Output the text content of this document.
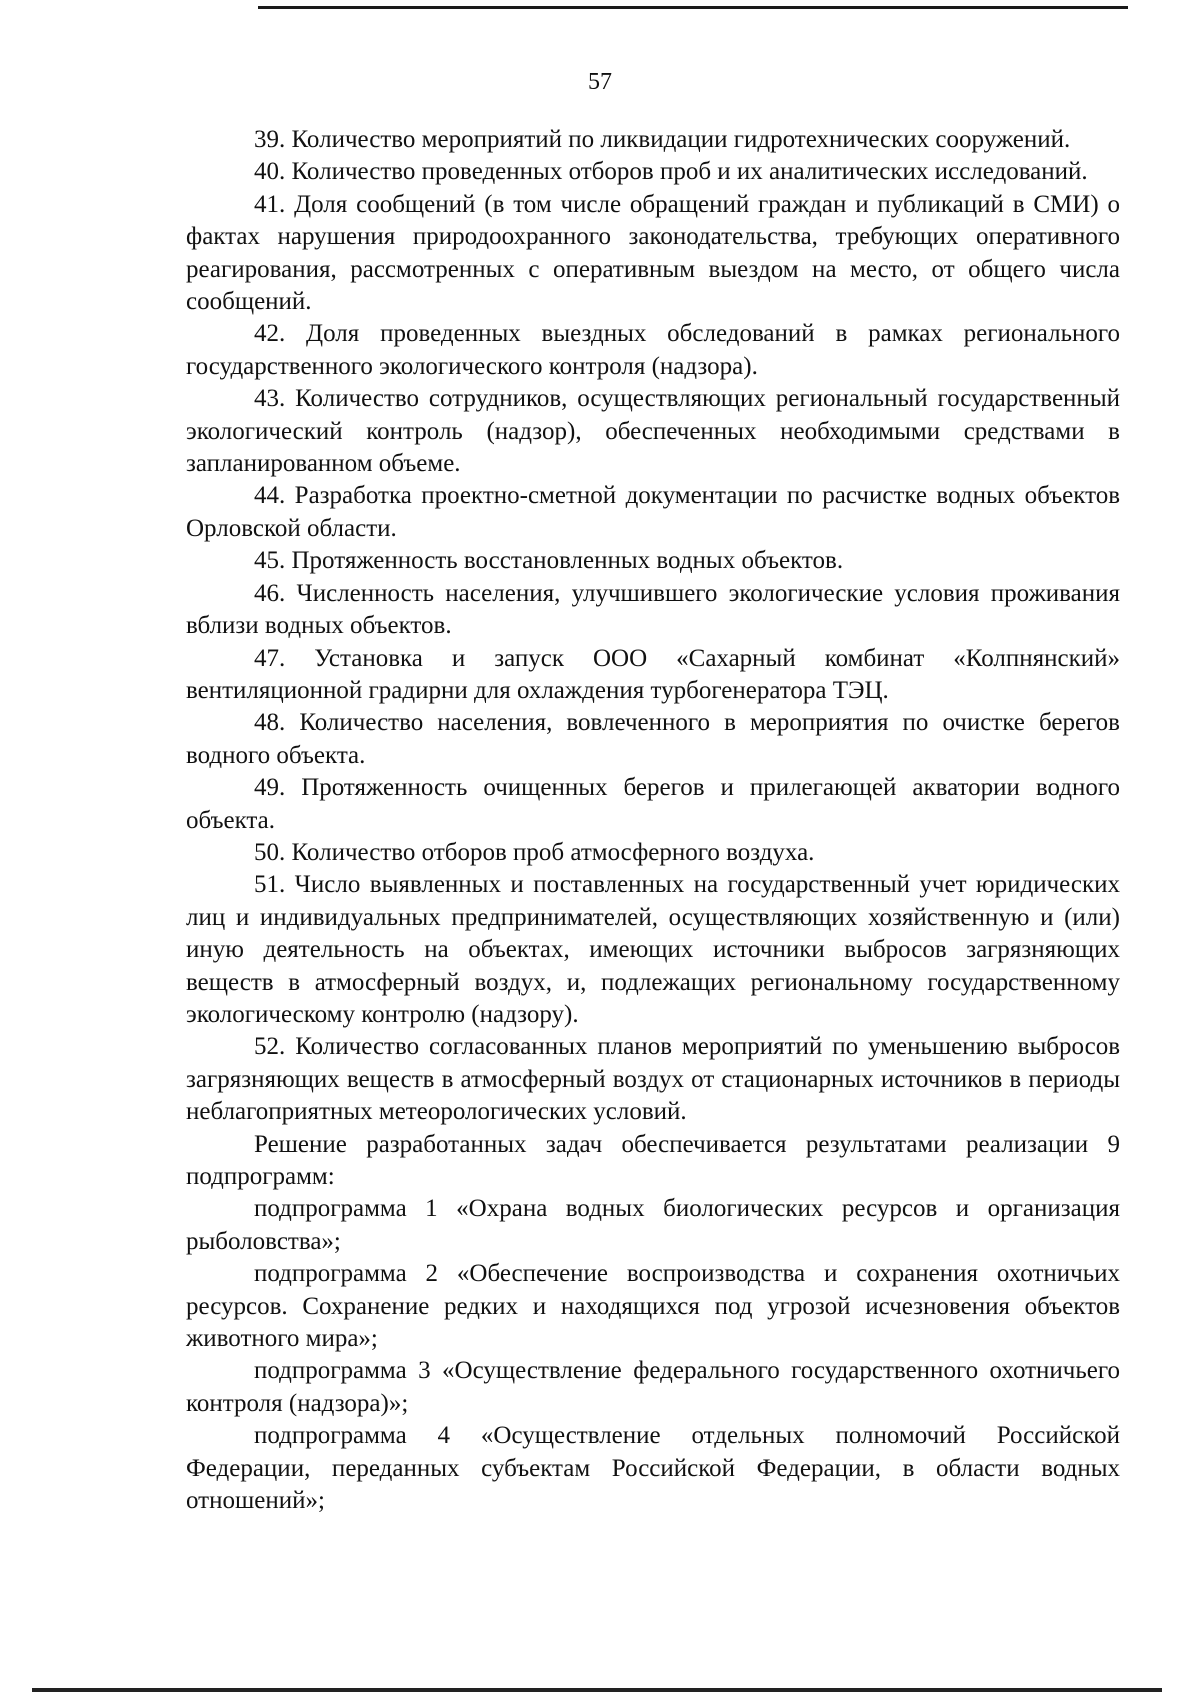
57

39. Количество мероприятий по ликвидации гидротехнических сооружений.

40. Количество проведенных отборов проб и их аналитических исследований.

41. Доля сообщений (в том числе обращений граждан и публикаций в СМИ) о фактах нарушения природоохранного законодательства, требующих оперативного реагирования, рассмотренных с оперативным выездом на место, от общего числа сообщений.

42. Доля проведенных выездных обследований в рамках регионального государственного экологического контроля (надзора).

43. Количество сотрудников, осуществляющих региональный государственный экологический контроль (надзор), обеспеченных необходимыми средствами в запланированном объеме.

44. Разработка проектно-сметной документации по расчистке водных объектов Орловской области.

45. Протяженность восстановленных водных объектов.

46. Численность населения, улучшившего экологические условия проживания вблизи водных объектов.

47. Установка и запуск ООО «Сахарный комбинат «Колпнянский» вентиляционной градирни для охлаждения турбогенератора ТЭЦ.

48. Количество населения, вовлеченного в мероприятия по очистке берегов водного объекта.

49. Протяженность очищенных берегов и прилегающей акватории водного объекта.

50. Количество отборов проб атмосферного воздуха.

51. Число выявленных и поставленных на государственный учет юридических лиц и индивидуальных предпринимателей, осуществляющих хозяйственную и (или) иную деятельность на объектах, имеющих источники выбросов загрязняющих веществ в атмосферный воздух, и, подлежащих региональному государственному экологическому контролю (надзору).

52. Количество согласованных планов мероприятий по уменьшению выбросов загрязняющих веществ в атмосферный воздух от стационарных источников в периоды неблагоприятных метеорологических условий.

Решение разработанных задач обеспечивается результатами реализации 9 подпрограмм:

подпрограмма 1 «Охрана водных биологических ресурсов и организация рыболовства»;

подпрограмма 2 «Обеспечение воспроизводства и сохранения охотничьих ресурсов. Сохранение редких и находящихся под угрозой исчезновения объектов животного мира»;

подпрограмма 3 «Осуществление федерального государственного охотничьего контроля (надзора)»;

подпрограмма 4 «Осуществление отдельных полномочий Российской Федерации, переданных субъектам Российской Федерации, в области водных отношений»;
